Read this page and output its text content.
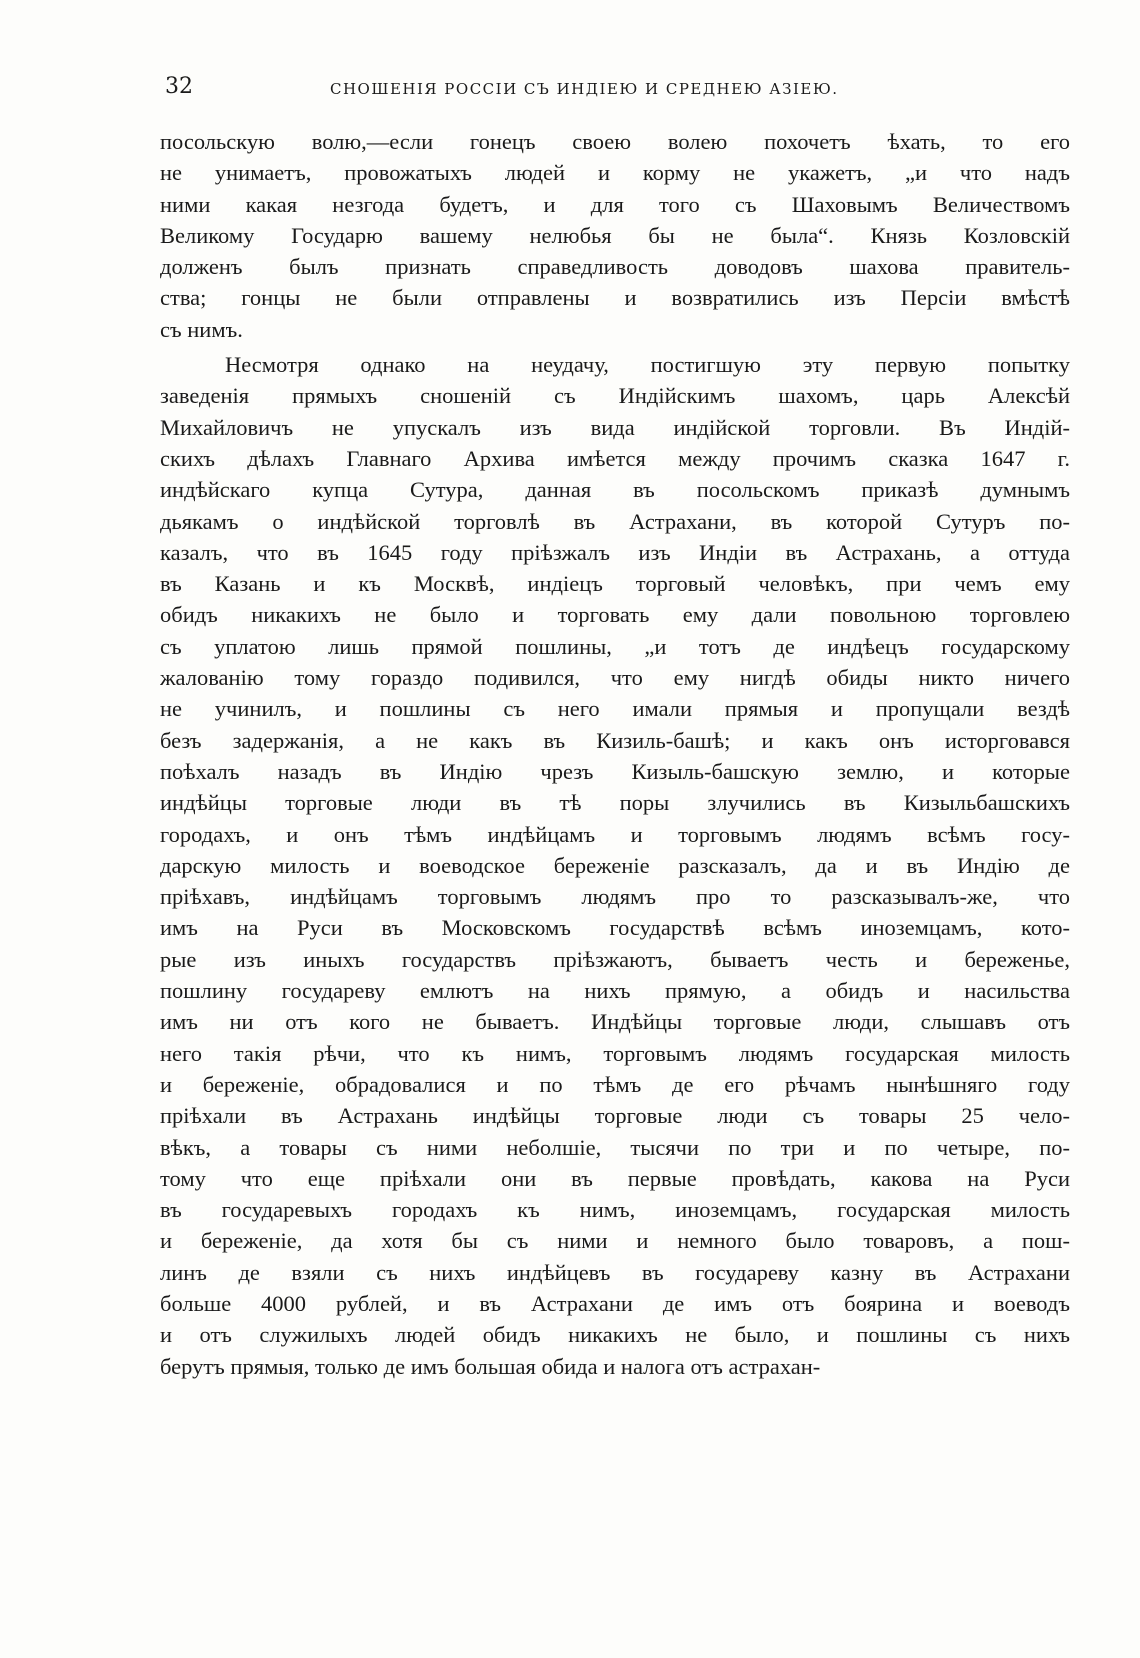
32	СНОШЕНІЯ РОССІИ СЪ ИНДІЕЮ И СРЕДНЕЮ АЗІЕЮ.
посольскую волю,—если гонецъ своею волею похочетъ ѣхать, то его
не унимаетъ, провожатыхъ людей и корму не укажетъ, „и что надъ
ними какая незгода будетъ, и для того съ Шаховымъ Величествомъ
Великому Государю вашему нелюбья бы не была“. Князь Козловскій
долженъ былъ признать справедливость доводовъ шахова правитель-
ства; гонцы не были отправлены и возвратились изъ Персіи вмѣстѣ
съ нимъ.
Несмотря однако на неудачу, постигшую эту первую попытку
заведенія прямыхъ сношеній съ Индійскимъ шахомъ, царь Алексѣй
Михайловичъ не упускалъ изъ вида индійской торговли. Въ Индій-
скихъ дѣлахъ Главнаго Архива имѣется между прочимъ сказка 1647 г.
индѣйскаго купца Сутура, данная въ посольскомъ приказѣ думнымъ
дьякамъ о индѣйской торговлѣ въ Астрахани, въ которой Сутуръ по-
казалъ, что въ 1645 году пріѣзжалъ изъ Индіи въ Астрахань, а оттуда
въ Казань и къ Москвѣ, индіецъ торговый человѣкъ, при чемъ ему
обидъ никакихъ не было и торговать ему дали повольною торговлею
съ уплатою лишь прямой пошлины, „и тотъ де индѣецъ государскому
жалованію тому гораздо подивился, что ему нигдѣ обиды никто ничего
не учинилъ, и пошлины съ него имали прямыя и пропущали вездѣ
безъ задержанія, а не какъ въ Кизиль-башѣ; и какъ онъ исторговався
поѣхалъ назадъ въ Индію чрезъ Кизыль-башскую землю, и которые
индѣйцы торговые люди въ тѣ поры злучились въ Кизыльбашскихъ
городахъ, и онъ тѣмъ индѣйцамъ и торговымъ людямъ всѣмъ госу-
дарскую милость и воеводское береженіе разсказалъ, да и въ Индію де
пріѣхавъ, индѣйцамъ торговымъ людямъ про то разсказывалъ-же, что
имъ на Руси въ Московскомъ государствѣ всѣмъ иноземцамъ, кото-
рые изъ иныхъ государствъ пріѣзжаютъ, бываетъ честь и береженье,
пошлину государеву емлютъ на нихъ прямую, а обидъ и насильства
имъ ни отъ кого не бываетъ. Индѣйцы торговые люди, слышавъ отъ
него такія рѣчи, что къ нимъ, торговымъ людямъ государская милость
и береженіе, обрадовалися и по тѣмъ де его рѣчамъ нынѣшняго году
пріѣхали въ Астрахань индѣйцы торговые люди съ товары 25 чело-
вѣкъ, а товары съ ними неболшіе, тысячи по три и по четыре, по-
тому что еще пріѣхали они въ первые провѣдать, какова на Руси
въ государевыхъ городахъ къ нимъ, иноземцамъ, государская милость
и береженіе, да хотя бы съ ними и немного было товаровъ, а пош-
линъ де взяли съ нихъ индѣйцевъ въ государеву казну въ Астрахани
больше 4000 рублей, и въ Астрахани де имъ отъ боярина и воеводъ
и отъ служилыхъ людей обидъ никакихъ не было, и пошлины съ нихъ
берутъ прямыя, только де имъ большая обида и налога отъ астрахан-
